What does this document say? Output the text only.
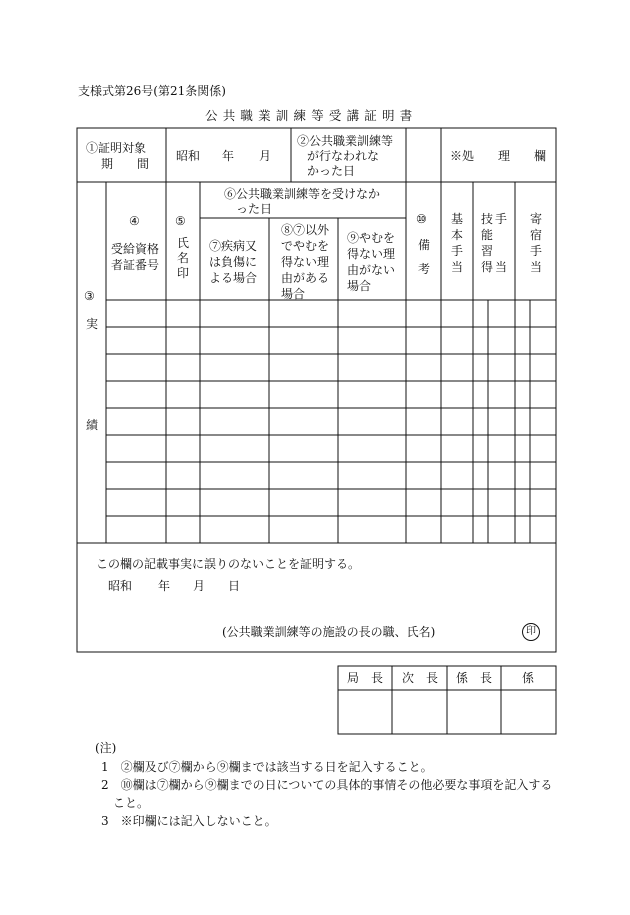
支様式第26号(第21条関係)
公共職業訓練等受講証明書
①証明対象
期　　間
昭和 年 月
②公共職業訓練等
が行なわれな
かった日
※処　　理　　欄
③
実
績
④
受給資格
者証番号
⑤
氏
名
印
⑥公共職業訓練等を受けなか
った日
⑦疾病又
は負傷に
よる場合
⑧⑦以外
でやむを
得ない理
由がある
場合
⑨やむを
得ない理
由がない
場合
⑩
備
考
基
本
手
当
技
能
習
得
手
当
寄
宿
手
当
この欄の記載事実に誤りのないことを証明する。
昭和 年 月 日
(公共職業訓練等の施設の長の職、氏名)	印
局　長 次　長 係　長 係
(注)
1　②欄及び⑦欄から⑨欄までは該当する日を記入すること。
2　⑩欄は⑦欄から⑨欄までの日についての具体的事情その他必要な事項を記入する
こと。
3　※印欄には記入しないこと。
